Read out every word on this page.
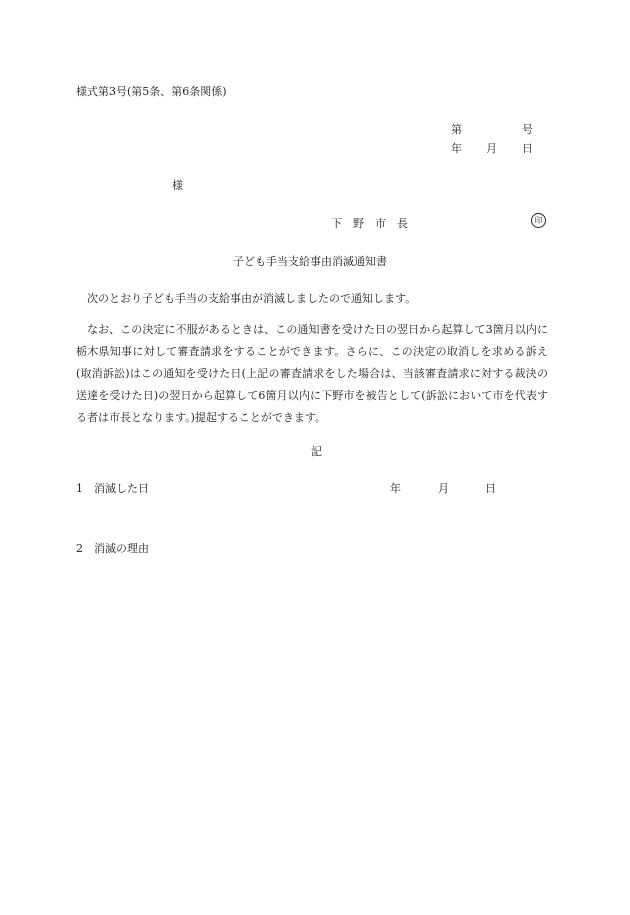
様式第3号(第5条、第6条関係)
第	号
年 月 日
様
下　野　市　長	印
子ども手当支給事由消滅通知書
次のとおり子ども手当の支給事由が消滅しましたので通知します。
なお、この決定に不服があるときは、この通知書を受けた日の翌日から起算して3箇月以内に栃木県知事に対して審査請求をすることができます。さらに、この決定の取消しを求める訴え(取消訴訟)はこの通知を受けた日(上記の審査請求をした場合は、当該審査請求に対する裁決の送達を受けた日)の翌日から起算して6箇月以内に下野市を被告として(訴訟において市を代表する者は市長となります。)提起することができます。
記
1　消滅した日	年	月	日
2　消滅の理由
